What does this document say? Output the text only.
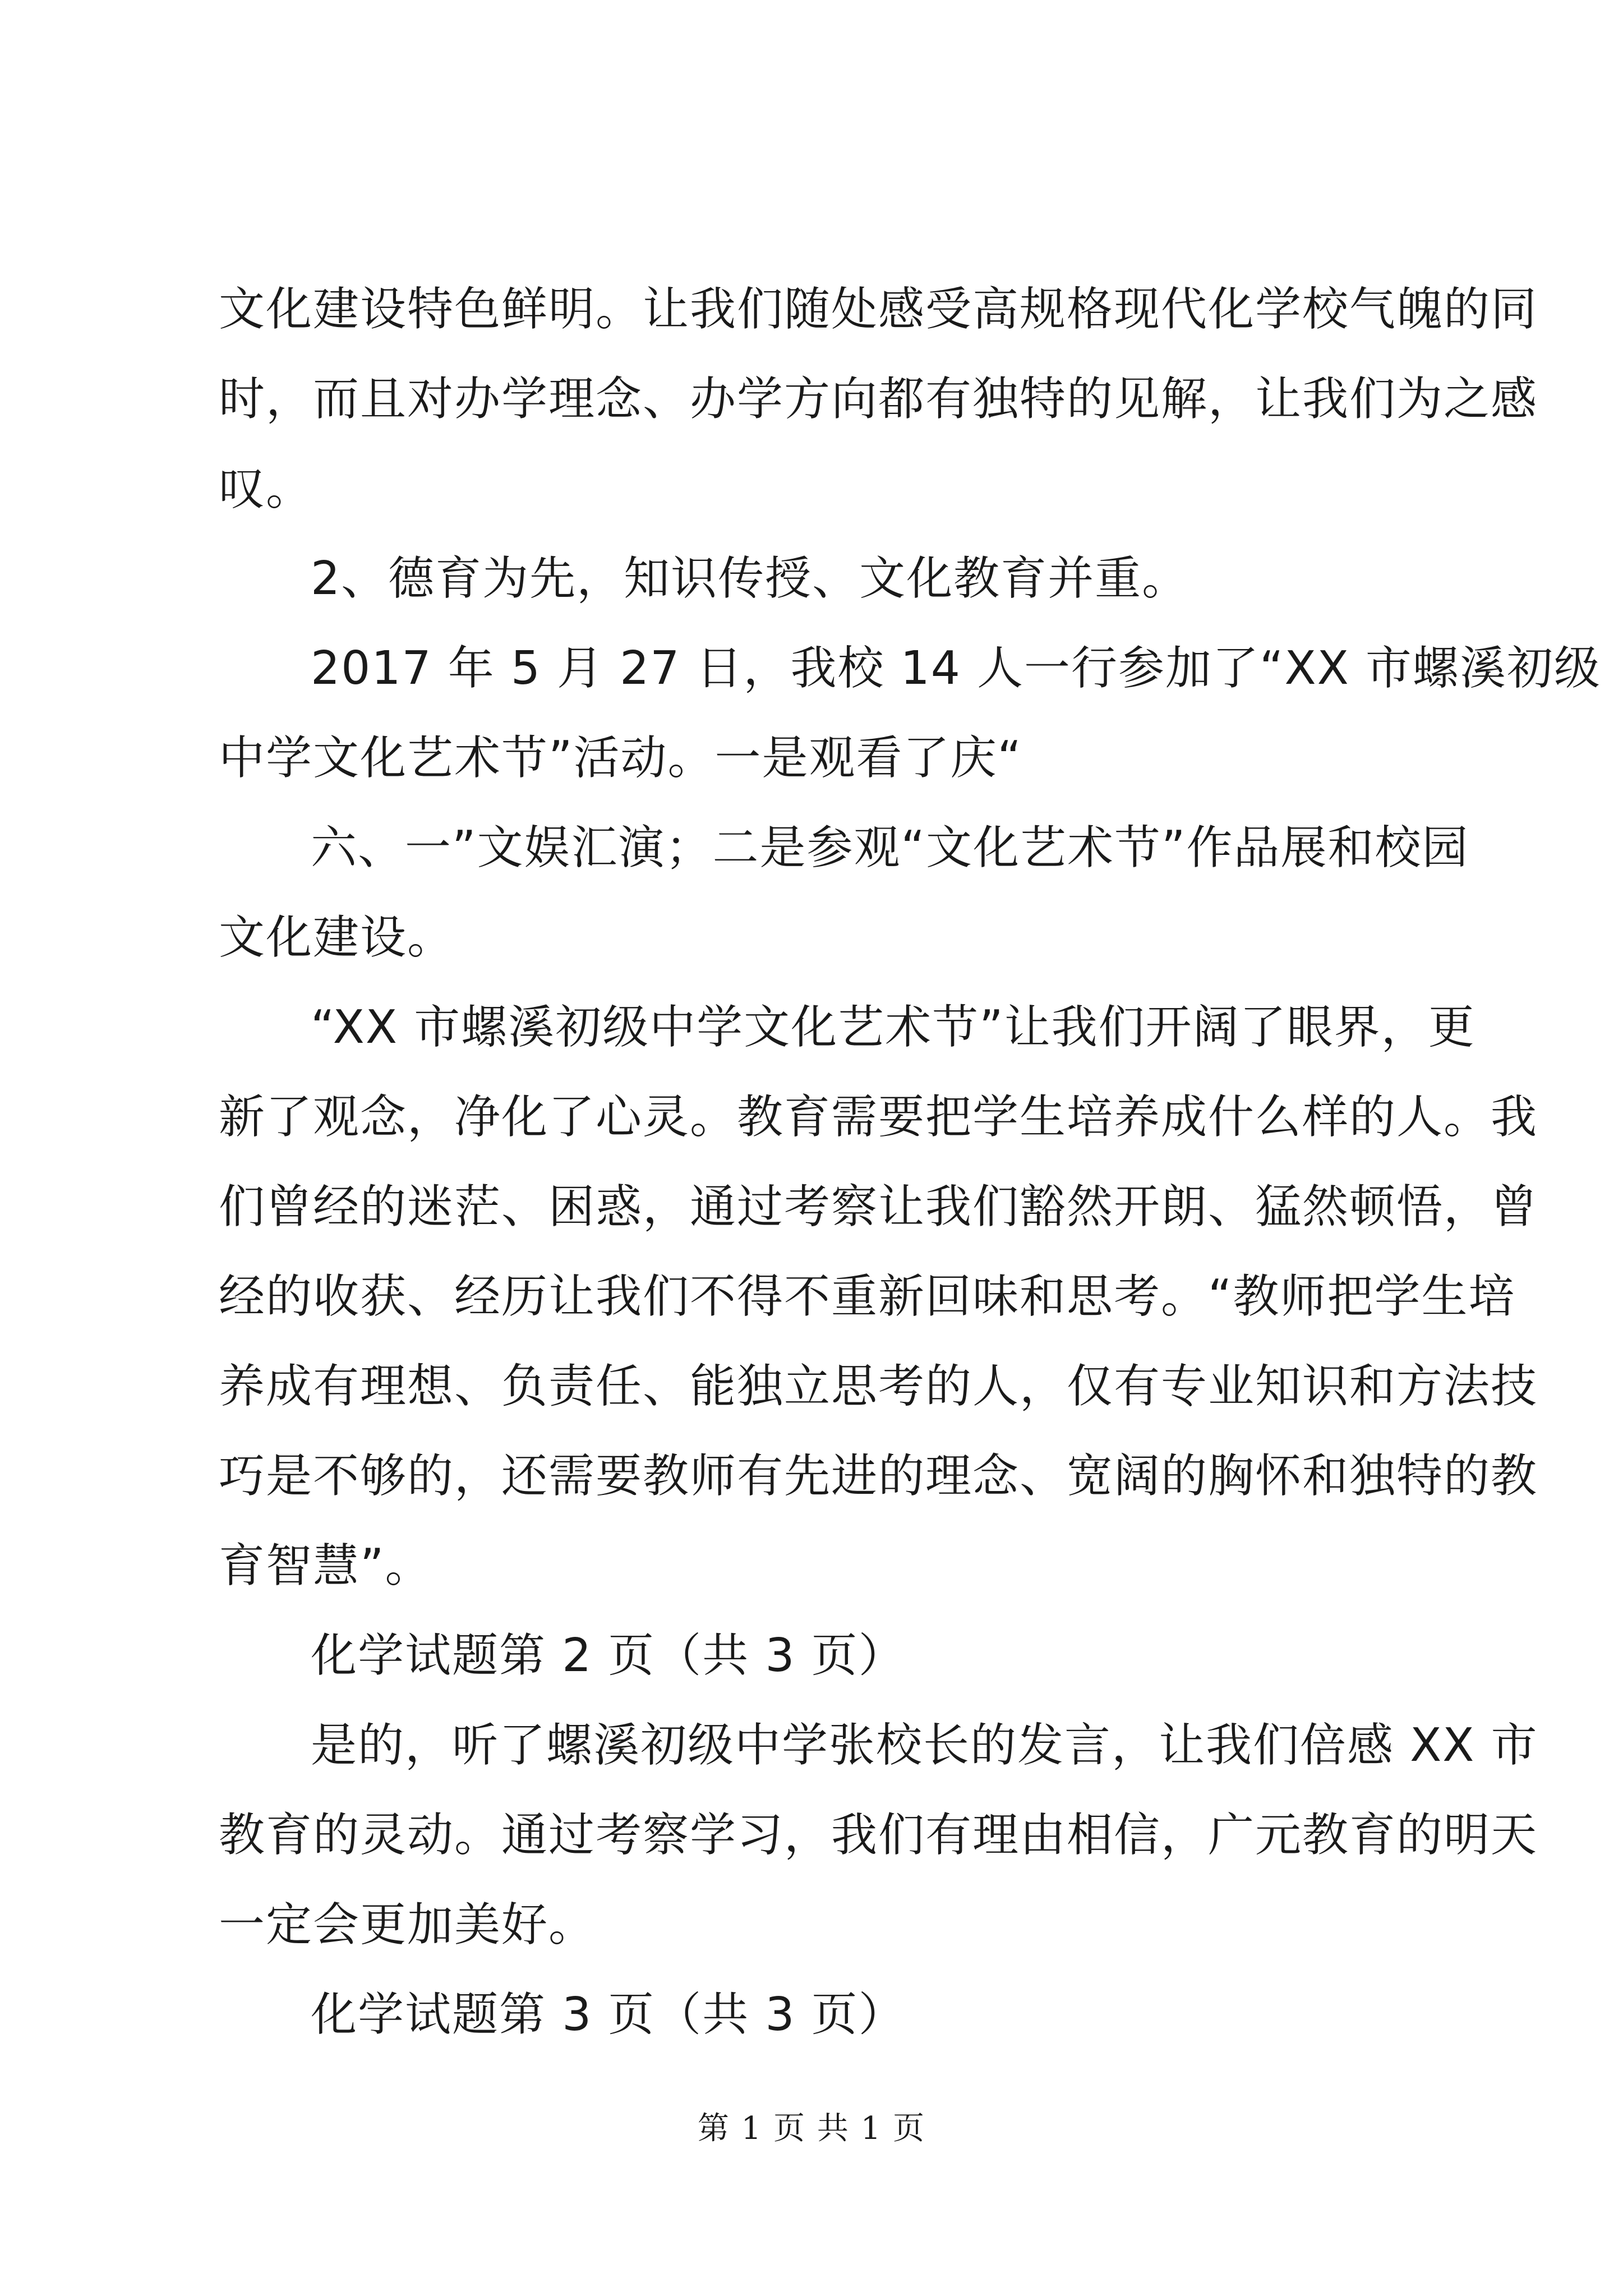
文化建设特色鲜明。让我们随处感受高规格现代化学校气魄的同
时，而且对办学理念、办学方向都有独特的见解，让我们为之感
叹。
2、德育为先，知识传授、文化教育并重。
2017 年 5 月 27 日，我校 14 人一行参加了“XX 市螺溪初级
中学文化艺术节”活动。一是观看了庆“
六、一”文娱汇演；二是参观“文化艺术节”作品展和校园
文化建设。
“XX 市螺溪初级中学文化艺术节”让我们开阔了眼界，更
新了观念，净化了心灵。教育需要把学生培养成什么样的人。我
们曾经的迷茫、困惑，通过考察让我们豁然开朗、猛然顿悟，曾
经的收获、经历让我们不得不重新回味和思考。“教师把学生培
养成有理想、负责任、能独立思考的人，仅有专业知识和方法技
巧是不够的，还需要教师有先进的理念、宽阔的胸怀和独特的教
育智慧”。
化学试题第 2 页（共 3 页）
是的，听了螺溪初级中学张校长的发言，让我们倍感 XX 市
教育的灵动。通过考察学习，我们有理由相信，广元教育的明天
一定会更加美好。
化学试题第 3 页（共 3 页）
第 1 页 共 1 页
